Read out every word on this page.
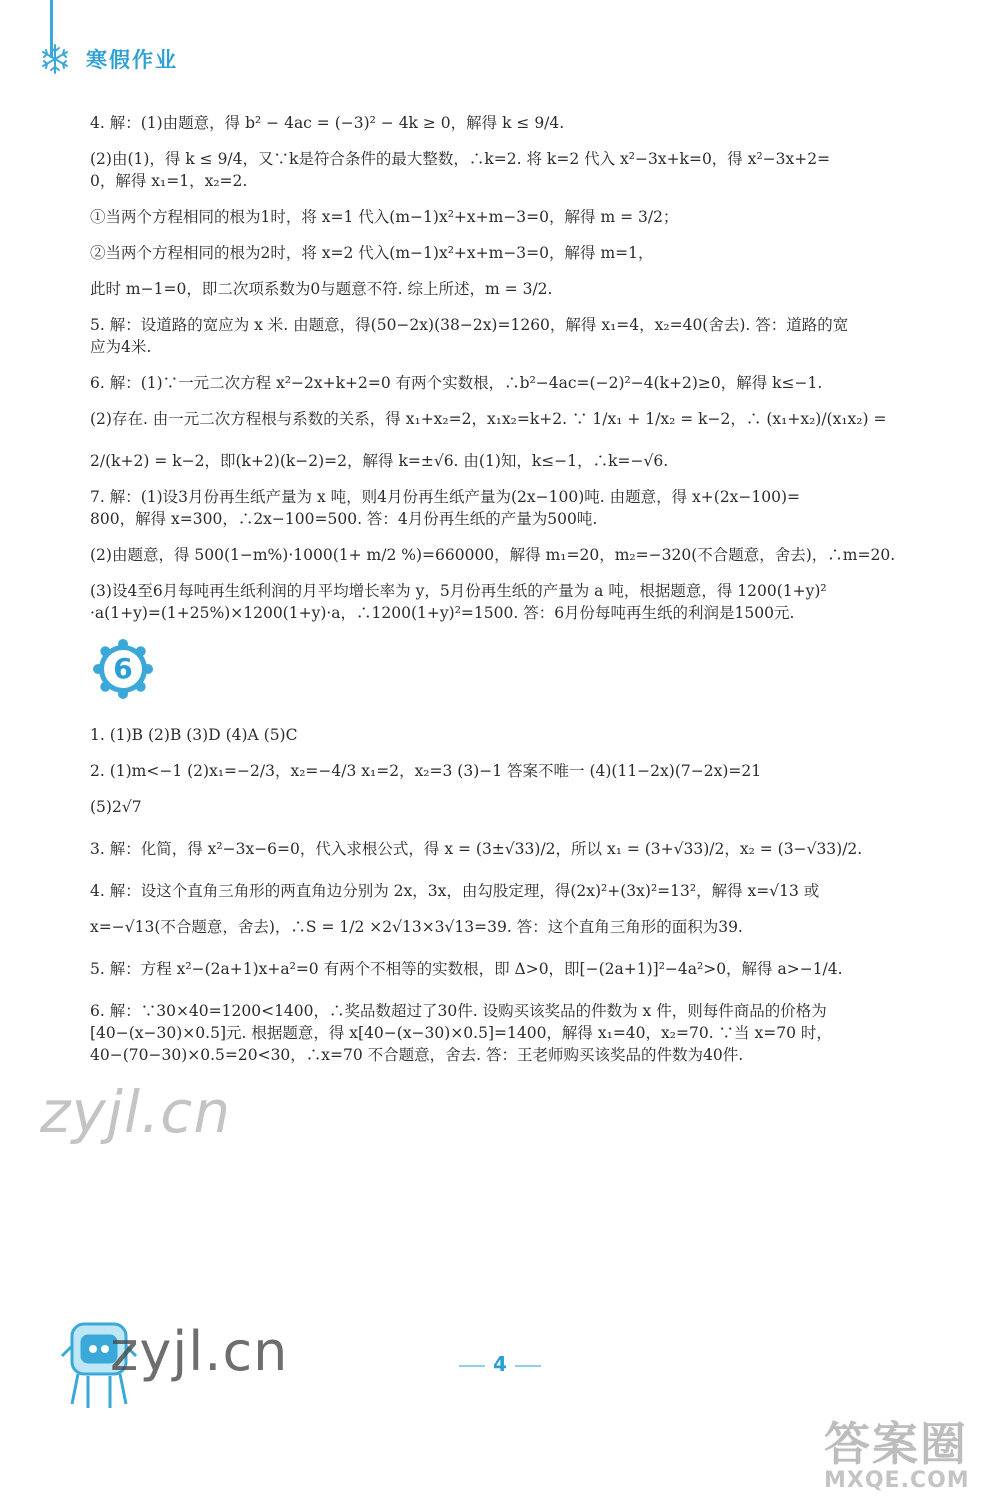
寒假作业

4. 解：(1)由题意，得 b² − 4ac = (−3)² − 4k ≥ 0，解得 k ≤ 9/4.

(2)由(1)，得 k ≤ 9/4，又∵k是符合条件的最大整数，∴k=2. 将 k=2 代入 x²−3x+k=0，得 x²−3x+2=

0，解得 x₁=1，x₂=2.

①当两个方程相同的根为1时，将 x=1 代入(m−1)x²+x+m−3=0，解得 m = 3/2；

②当两个方程相同的根为2时，将 x=2 代入(m−1)x²+x+m−3=0，解得 m=1，

此时 m−1=0，即二次项系数为0与题意不符. 综上所述，m = 3/2.

5. 解：设道路的宽应为 x 米. 由题意，得(50−2x)(38−2x)=1260，解得 x₁=4，x₂=40(舍去). 答：道路的宽

应为4米.

6. 解：(1)∵一元二次方程 x²−2x+k+2=0 有两个实数根，∴b²−4ac=(−2)²−4(k+2)≥0，解得 k≤−1.

(2)存在. 由一元二次方程根与系数的关系，得 x₁+x₂=2，x₁x₂=k+2. ∵ 1/x₁ + 1/x₂ = k−2，∴ (x₁+x₂)/(x₁x₂) =

2/(k+2) = k−2，即(k+2)(k−2)=2，解得 k=±√6. 由(1)知，k≤−1，∴k=−√6.

7. 解：(1)设3月份再生纸产量为 x 吨，则4月份再生纸产量为(2x−100)吨. 由题意，得 x+(2x−100)=

800，解得 x=300，∴2x−100=500. 答：4月份再生纸的产量为500吨.

(2)由题意，得 500(1−m%)·1000(1+ m/2 %)=660000，解得 m₁=20，m₂=−320(不合题意，舍去)，∴m=20.

(3)设4至6月每吨再生纸利润的月平均增长率为 y，5月份再生纸的产量为 a 吨，根据题意，得 1200(1+y)²

·a(1+y)=(1+25%)×1200(1+y)·a，∴1200(1+y)²=1500. 答：6月份每吨再生纸的利润是1500元.

6

1. (1)B (2)B (3)D (4)A (5)C

2. (1)m<−1 (2)x₁=−2/3，x₂=−4/3 x₁=2，x₂=3 (3)−1 答案不唯一 (4)(11−2x)(7−2x)=21

(5)2√7

3. 解：化简，得 x²−3x−6=0，代入求根公式，得 x = (3±√33)/2，所以 x₁ = (3+√33)/2，x₂ = (3−√33)/2.

4. 解：设这个直角三角形的两直角边分别为 2x，3x，由勾股定理，得(2x)²+(3x)²=13²，解得 x=√13 或

x=−√13(不合题意，舍去)，∴S = 1/2 ×2√13×3√13=39. 答：这个直角三角形的面积为39.

5. 解：方程 x²−(2a+1)x+a²=0 有两个不相等的实数根，即 Δ>0，即[−(2a+1)]²−4a²>0，解得 a>−1/4.

6. 解：∵30×40=1200<1400，∴奖品数超过了30件. 设购买该奖品的件数为 x 件，则每件商品的价格为

[40−(x−30)×0.5]元. 根据题意，得 x[40−(x−30)×0.5]=1400，解得 x₁=40，x₂=70. ∵当 x=70 时，

40−(70−30)×0.5=20<30，∴x=70 不合题意，舍去. 答：王老师购买该奖品的件数为40件.

zyjl.cn
zyjl.cn	4
答案圈
MXQE.COM
